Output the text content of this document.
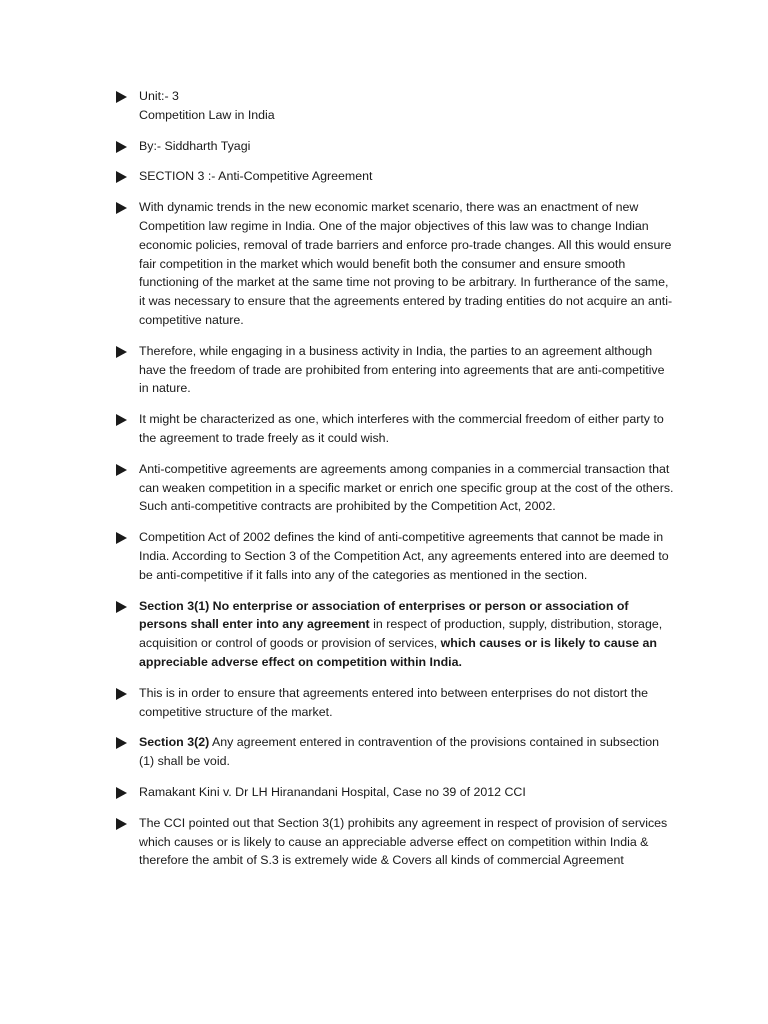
Unit:- 3
Competition Law in India
By:- Siddharth Tyagi
SECTION 3 :- Anti-Competitive Agreement
With dynamic trends in the new economic market scenario, there was an enactment of new Competition law regime in India. One of the major objectives of this law was to change Indian economic policies, removal of trade barriers and enforce pro-trade changes. All this would ensure fair competition in the market which would benefit both the consumer and ensure smooth functioning of the market at the same time not proving to be arbitrary. In furtherance of the same, it was necessary to ensure that the agreements entered by trading entities do not acquire an anti-competitive nature.
Therefore, while engaging in a business activity in India, the parties to an agreement although have the freedom of trade are prohibited from entering into agreements that are anti-competitive in nature.
It might be characterized as one, which interferes with the commercial freedom of either party to the agreement to trade freely as it could wish.
Anti-competitive agreements are agreements among companies in a commercial transaction that can weaken competition in a specific market or enrich one specific group at the cost of the others. Such anti-competitive contracts are prohibited by the Competition Act, 2002.
Competition Act of 2002 defines the kind of anti-competitive agreements that cannot be made in India. According to Section 3 of the Competition Act, any agreements entered into are deemed to be anti-competitive if it falls into any of the categories as mentioned in the section.
Section 3(1) No enterprise or association of enterprises or person or association of persons shall enter into any agreement in respect of production, supply, distribution, storage, acquisition or control of goods or provision of services, which causes or is likely to cause an appreciable adverse effect on competition within India.
This is in order to ensure that agreements entered into between enterprises do not distort the competitive structure of the market.
Section 3(2) Any agreement entered in contravention of the provisions contained in subsection (1) shall be void.
Ramakant Kini v. Dr LH Hiranandani Hospital, Case no 39 of 2012 CCI
The CCI pointed out that Section 3(1) prohibits any agreement in respect of provision of services which causes or is likely to cause an appreciable adverse effect on competition within India & therefore the ambit of S.3 is extremely wide & Covers all kinds of commercial Agreement
